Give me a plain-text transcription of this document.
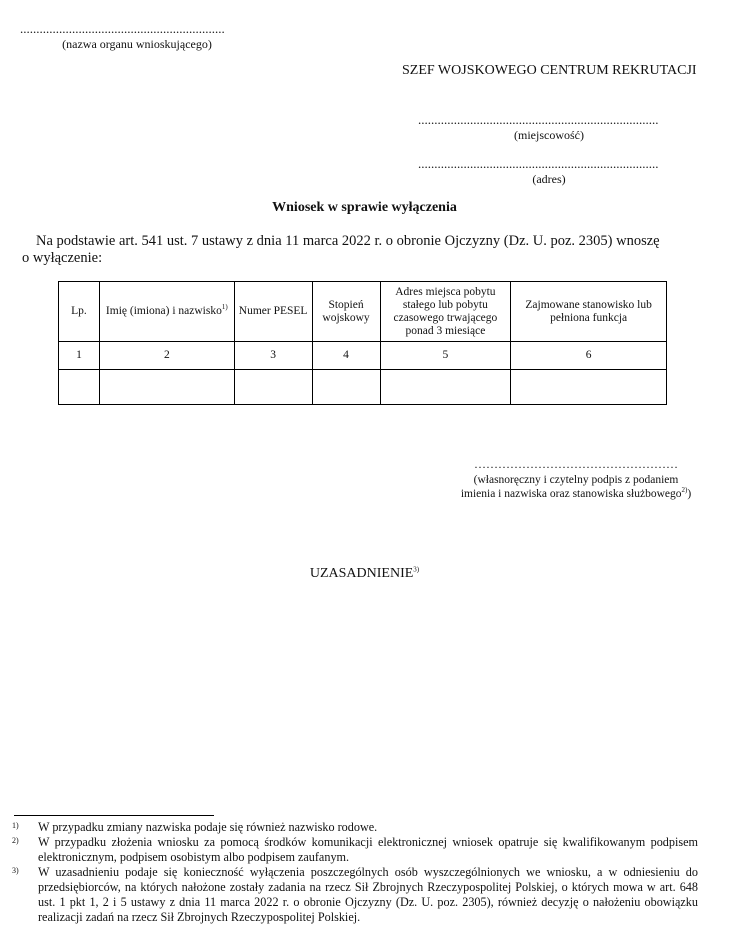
...............................................................
(nazwa organu wnioskującego)
SZEF WOJSKOWEGO CENTRUM REKRUTACJI
..........................................................................
(miejscowość)
..........................................................................
(adres)
Wniosek w sprawie wyłączenia
Na podstawie art. 541 ust. 7 ustawy z dnia 11 marca 2022 r. o obronie Ojczyzny (Dz. U. poz. 2305) wnoszę o wyłączenie:
Lp.	Imię (imiona) i nazwisko$^{1)}$	Numer PESEL	Stopień wojskowy	Adres miejsca pobytu stałego lub pobytu czasowego trwającego ponad 3 miesiące	Zajmowane stanowisko lub pełniona funkcja
1	2	3	4	5	6

……………………………………………
(własnoręczny i czytelny podpis z podaniem imienia i nazwiska oraz stanowiska służbowego$^{2)}$)
UZASADNIENIE$^{3)}$
1)	W przypadku zmiany nazwiska podaje się również nazwisko rodowe.
2)	W przypadku złożenia wniosku za pomocą środków komunikacji elektronicznej wniosek opatruje się kwalifikowanym podpisem elektronicznym, podpisem osobistym albo podpisem zaufanym.
3)	W uzasadnieniu podaje się konieczność wyłączenia poszczególnych osób wyszczególnionych we wniosku, a w odniesieniu do przedsiębiorców, na których nałożone zostały zadania na rzecz Sił Zbrojnych Rzeczypospolitej Polskiej, o których mowa w art. 648 ust. 1 pkt 1, 2 i 5 ustawy z dnia 11 marca 2022 r. o obronie Ojczyzny (Dz. U. poz. 2305), również decyzję o nałożeniu obowiązku realizacji zadań na rzecz Sił Zbrojnych Rzeczypospolitej Polskiej.
